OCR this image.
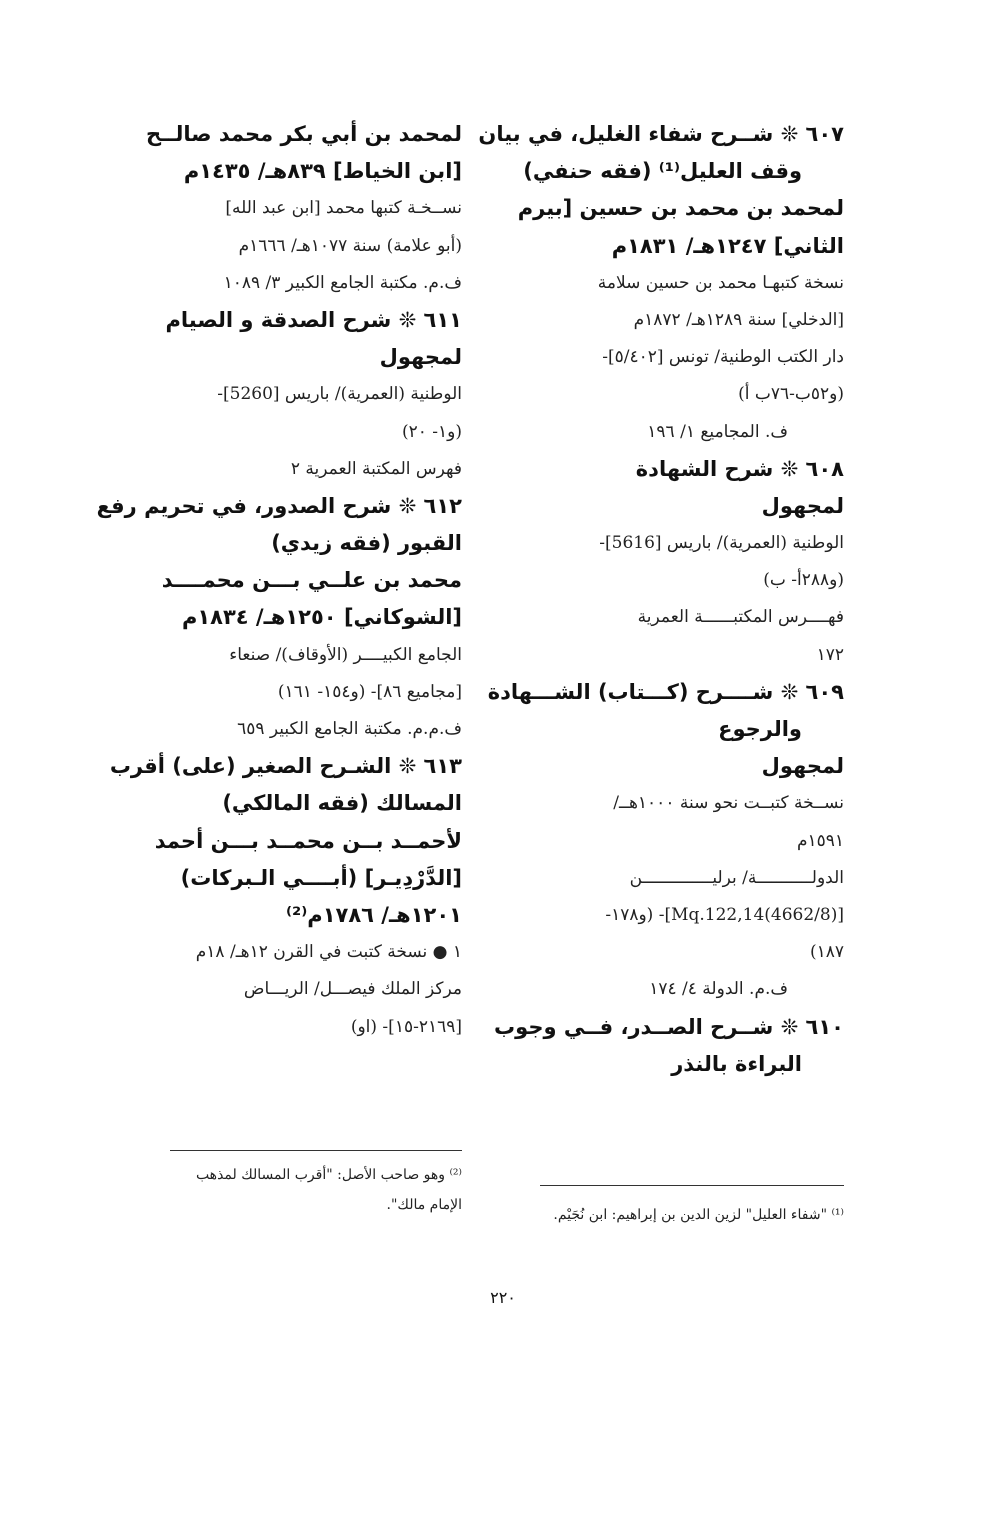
٦٠٧ ❊ شــرح شفاء الغليل، في بيان
وقف العليل⁽¹⁾ (فقه حنفي)
لمحمد بن محمد بن حسين [بيرم
الثاني] ١٢٤٧هـ/ ١٨٣١م
نسخة كتبهـا محمد بن حسين سلامة
[الدخلي] سنة ١٢٨٩هـ/ ١٨٧٢م
دار الكتب الوطنية/ تونس [٥/٤٠٢]-
(و٥٢ب-٧٦ب أ)
ف. المجاميع ١/ ١٩٦
٦٠٨ ❊ شرح الشهادة
لمجهول
الوطنية (العمرية)/ باريس [5616]-
(و٢٨٨أ- ب)
فهــــرس المكتبــــــة العمرية
١٧٢
٦٠٩ ❊ شــــرح (كـــتاب) الشـــهادة
والرجوع
لمجهول
نســخة كتبــت نحو سنة ١٠٠٠هــ/
١٥٩١م
الدولـــــــــــة/ برليــــــــــــــن
[(4662/8)Mq.122,14]- (و١٧٨-
١٨٧)
ف.م. الدولة ٤/ ١٧٤
٦١٠ ❊ شــرح الصــدر، فــي وجوب
البراءة بالنذر
لمحمد بن أبي بكر محمد صالــح
[ابن الخياط] ٨٣٩هـ/ ١٤٣٥م
نســخـة كتبها محمد [ابن عبد الله]
(أبو علامة) سنة ١٠٧٧هـ/ ١٦٦٦م
ف.م. مكتبة الجامع الكبير ٣/ ١٠٨٩
٦١١ ❊ شرح الصدقة و الصيام
لمجهول
الوطنية (العمرية)/ باريس [5260]-
(و١- ٢٠)
فهرس المكتبة العمرية ٢
٦١٢ ❊ شرح الصدور، في تحريم رفع
القبور (فقه زيدي)
محمد بن علــي بـــن محمــــد
[الشوكاني] ١٢٥٠هـ/ ١٨٣٤م
الجامع الكبيــــر (الأوقاف)/ صنعاء
[مجاميع ٨٦]- (و١٥٤- ١٦١)
ف.م.م. مكتبة الجامع الكبير ٦٥٩
٦١٣ ❊ الشـرح الصغير (على) أقرب
المسالك (فقه المالكي)
لأحمــد بــن محمــد بـــن أحمد
[الدَّرْدِيـر] (أبــــي الـبركات)
١٢٠١هـ/ ١٧٨٦م⁽²⁾
١ ● نسخة كتبت في القرن ١٢هـ/ ١٨م
مركز الملك فيصـــل/ الريـــاض
[٢١٦٩-١٥]- (او)
⁽¹⁾ "شفاء العليل" لزين الدين بن إبراهيم: ابن نُجَيْم.
⁽²⁾ وهو صاحب الأصل: "أقرب المسالك لمذهب
الإمام مالك".
٢٢٠
